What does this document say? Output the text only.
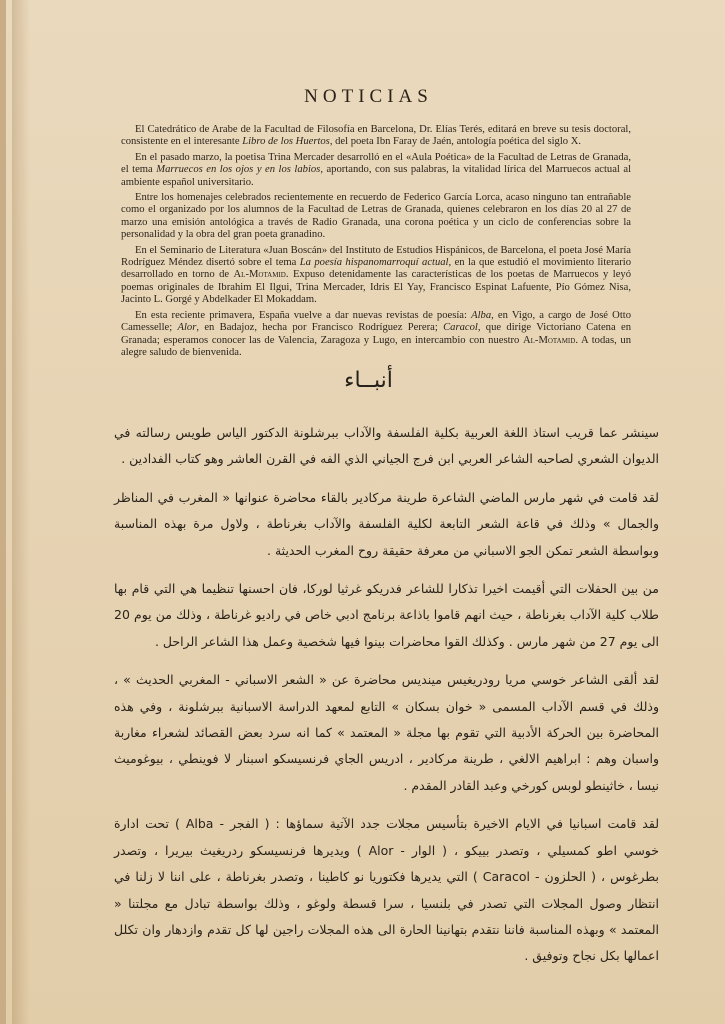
NOTICIAS

El Catedrático de Arabe de la Facultad de Filosofía en Barcelona, Dr. Elías Terés, editará en breve su tesis doctoral, consistente en el interesante Libro de los Huertos, del poeta Ibn Faray de Jaén, antología poética del siglo X.

En el pasado marzo, la poetisa Trina Mercader desarrolló en el «Aula Poética» de la Facultad de Letras de Granada, el tema Marruecos en los ojos y en los labios, aportando, con sus palabras, la vitalidad lírica del Marruecos actual al ambiente español universitario.

Entre los homenajes celebrados recientemente en recuerdo de Federico García Lorca, acaso ninguno tan entrañable como el organizado por los alumnos de la Facultad de Letras de Granada, quienes celebraron en los días 20 al 27 de marzo una emisión antológica a través de Radio Granada, una corona poética y un ciclo de conferencias sobre la personalidad y la obra del gran poeta granadino.

En el Seminario de Literatura «Juan Boscán» del Instituto de Estudios Hispánicos, de Barcelona, el poeta José María Rodríguez Méndez disertó sobre el tema La poesía hispanomarroquí actual, en la que estudió el movimiento literario desarrollado en torno de Al-Motamid. Expuso detenidamente las características de los poetas de Marruecos y leyó poemas originales de Ibrahim El Ilgui, Trina Mercader, Idris El Yay, Francisco Espinat Lafuente, Pío Gómez Nisa, Jacinto L. Gorgé y Abdelkader El Mokaddam.

En esta reciente primavera, España vuelve a dar nuevas revistas de poesía: Alba, en Vigo, a cargo de José Otto Camesselle; Alor, en Badajoz, hecha por Francisco Rodríguez Perera; Caracol, que dirige Victoriano Catena en Granada; esperamos conocer las de Valencia, Zaragoza y Lugo, en intercambio con nuestro Al-Motamid. A todas, un alegre saludo de bienvenida.

أنبــاء

سينشر عما قريب استاذ اللغة العربية بكلية الفلسفة والآداب ببرشلونة الدكتور الياس طويس رسالته في الديوان الشعري لصاحبه الشاعر العربي ابن فرج الجياني الذي الفه في القرن العاشر وهو كتاب الفدادين .

لقد قامت في شهر مارس الماضي الشاعرة طرينة مركادير بالقاء محاضرة عنوانها « المغرب في المناظر والجمال » وذلك في قاعة الشعر التابعة لكلية الفلسفة والآداب بغرناطة ، ولاول مرة بهذه المناسبة وبواسطة الشعر تمكن الجو الاسباني من معرفة حقيقة روح المغرب الحديثة .

من بين الحفلات التي أقيمت اخيرا تذكارا للشاعر فدريكو غرثيا لوركا، فان احسنها تنظيما هي التي قام بها طلاب كلية الآداب بغرناطة ، حيث انهم قاموا باذاعة برنامج ادبي خاص في راديو غرناطة ، وذلك من يوم 20 الى يوم 27 من شهر مارس . وكذلك القوا محاضرات بينوا فيها شخصية وعمل هذا الشاعر الراحل .

لقد ألقى الشاعر خوسي مريا رودريغيس مينديس محاضرة عن « الشعر الاسباني - المغربي الحديث » ، وذلك في قسم الآداب المسمى « خوان بسكان » التابع لمعهد الدراسة الاسبانية ببرشلونة ، وفي هذه المحاضرة بين الحركة الأدبية التي تقوم بها مجلة « المعتمد » كما انه سرد بعض القصائد لشعراء مغاربة واسبان وهم : ابراهيم الالغي ، طرينة مركادير ، ادريس الجاي فرنسيسكو اسبنار لا فوينطي ، بيوغوميث نيسا ، خاثينطو لوبس كورخي وعبد القادر المقدم .

لقد قامت اسبانيا في الايام الاخيرة بتأسيس مجلات جدد الآتية سماؤها : ( الفجر - Alba ) تحت ادارة خوسي اطو كمسيلي ، وتصدر بييكو ، ( الوار - Alor ) ويديرها فرنسيسكو ردريغيث بيريرا ، وتصدر بطرغوس ، ( الحلزون - Caracol ) التي يديرها فكتوريا نو كاطينا ، وتصدر بغرناطة ، على اننا لا زلنا في انتظار وصول المجلات التي تصدر في بلنسيا ، سرا قسطة ولوغو ، وذلك بواسطة تبادل مع مجلتنا « المعتمد » وبهذه المناسبة فاننا نتقدم بتهانينا الحارة الى هذه المجلات راجين لها كل تقدم وازدهار وان تكلل اعمالها بكل نجاح وتوفيق .
